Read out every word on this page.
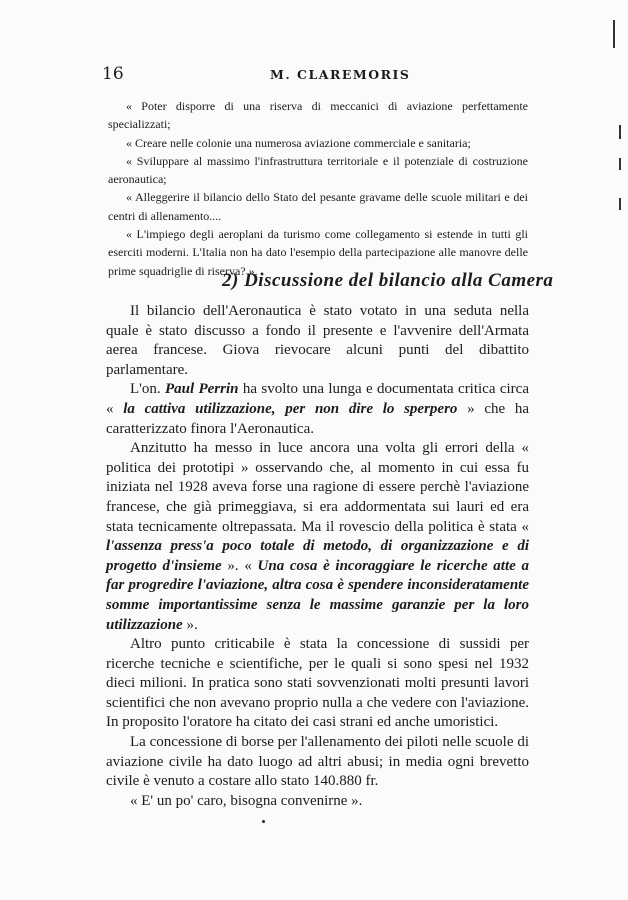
16	M. CLAREMORIS

« Poter disporre di una riserva di meccanici di aviazione perfettamente specializzati;

« Creare nelle colonie una numerosa aviazione commerciale e sanitaria;

« Sviluppare al massimo l'infrastruttura territoriale e il potenziale di costruzione aeronautica;

« Alleggerire il bilancio dello Stato del pesante gravame delle scuole militari e dei centri di allenamento....

« L'impiego degli aeroplani da turismo come collegamento si estende in tutti gli eserciti moderni. L'Italia non ha dato l'esempio della partecipazione alle manovre delle prime squadriglie di riserva? ».

2) Discussione del bilancio alla Camera

Il bilancio dell'Aeronautica è stato votato in una seduta nella quale è stato discusso a fondo il presente e l'avvenire dell'Armata aerea francese. Giova rievocare alcuni punti del dibattito parlamentare.

L'on. Paul Perrin ha svolto una lunga e documentata critica circa « la cattiva utilizzazione, per non dire lo sperpero » che ha caratterizzato finora l'Aeronautica.

Anzitutto ha messo in luce ancora una volta gli errori della « politica dei prototipi » osservando che, al momento in cui essa fu iniziata nel 1928 aveva forse una ragione di essere perchè l'aviazione francese, che già primeggiava, si era addormentata sui lauri ed era stata tecnicamente oltrepassata. Ma il rovescio della politica è stata « l'assenza press'a poco totale di metodo, di organizzazione e di progetto d'insieme ». « Una cosa è incoraggiare le ricerche atte a far progredire l'aviazione, altra cosa è spendere inconsideratamente somme importantissime senza le massime garanzie per la loro utilizzazione ».

Altro punto criticabile è stata la concessione di sussidi per ricerche tecniche e scientifiche, per le quali si sono spesi nel 1932 dieci milioni. In pratica sono stati sovvenzionati molti presunti lavori scientifici che non avevano proprio nulla a che vedere con l'aviazione. In proposito l'oratore ha citato dei casi strani ed anche umoristici.

La concessione di borse per l'allenamento dei piloti nelle scuole di aviazione civile ha dato luogo ad altri abusi; in media ogni brevetto civile è venuto a costare allo stato 140.880 fr.

« E' un po' caro, bisogna convenirne ».
